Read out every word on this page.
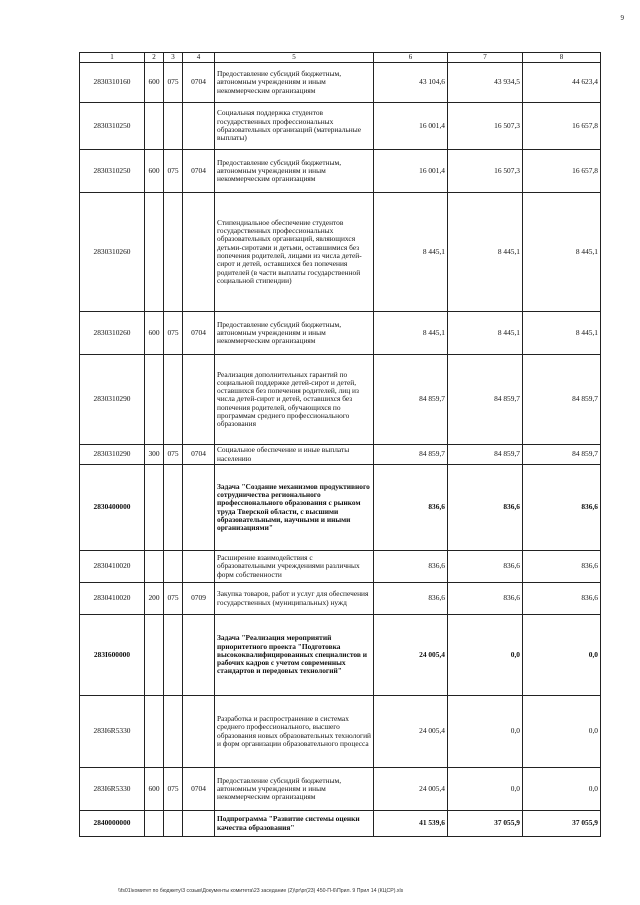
9
1	2	3	4	5	6	7	8
2830310160	600	075	0704	Предоставление субсидий бюджетным, автономным учреждениям и иным некоммерческим организациям	43 104,6	43 934,5	44 623,4
2830310250				Социальная поддержка студентов государственных профессиональных образовательных организаций (материальные выплаты)	16 001,4	16 507,3	16 657,8
2830310250	600	075	0704	Предоставление субсидий бюджетным, автономным учреждениям и иным некоммерческим организациям	16 001,4	16 507,3	16 657,8
2830310260				Стипендиальное обеспечение студентов государственных профессиональных образовательных организаций, являющихся детьми-сиротами и детьми, оставшимися без попечения родителей, лицами из числа детей-сирот и детей, оставшихся без попечения родителей (в части выплаты государственной социальной стипендии)	8 445,1	8 445,1	8 445,1
2830310260	600	075	0704	Предоставление субсидий бюджетным, автономным учреждениям и иным некоммерческим организациям	8 445,1	8 445,1	8 445,1
2830310290				Реализация дополнительных гарантий по социальной поддержке детей-сирот и детей, оставшихся без попечения родителей, лиц из числа детей-сирот и детей, оставшихся без попечения родителей, обучающихся по программам среднего профессионального образования	84 859,7	84 859,7	84 859,7
2830310290	300	075	0704	Социальное обеспечение и иные выплаты населению	84 859,7	84 859,7	84 859,7
2830400000				Задача "Создание механизмов продуктивного сотрудничества регионального профессионального образования с рынком труда Тверской области, с высшими образовательными, научными и иными организациями"	836,6	836,6	836,6
2830410020				Расширение взаимодействия с образовательными учреждениями различных форм собственности	836,6	836,6	836,6
2830410020	200	075	0709	Закупка товаров, работ и услуг для обеспечения государственных (муниципальных) нужд	836,6	836,6	836,6
283I600000				Задача "Реализация мероприятий приоритетного проекта "Подготовка высококвалифицированных специалистов и рабочих кадров с учетом современных стандартов и передовых технологий"	24 005,4	0,0	0,0
283I6R5330				Разработка и распространение в системах среднего профессионального, высшего образования новых образовательных технологий и форм организации образовательного процесса	24 005,4	0,0	0,0
283I6R5330	600	075	0704	Предоставление субсидий бюджетным, автономным учреждениям и иным некоммерческим организациям	24 005,4	0,0	0,0
2840000000				Подпрограмма "Развитие системы оценки качества образования"	41 539,6	37 055,9	37 055,9
\\fs01\комитет по бюджету\3 созыв\Документы комитета\23 заседание (2)\pr\pr(23) 450-П-6\Прил. 9 Прил 14 (КЦСР).xls
